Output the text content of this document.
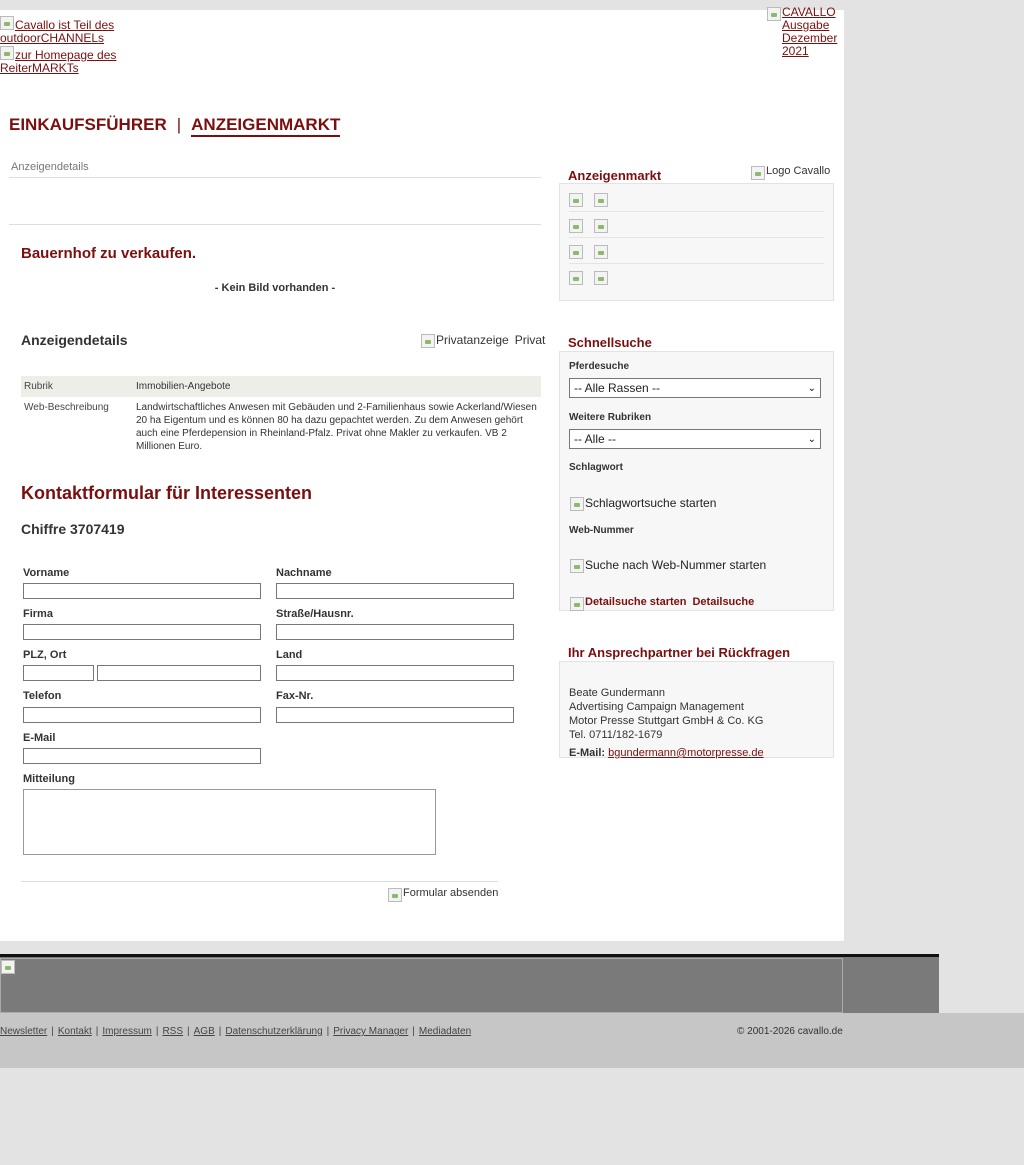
Cavallo ist Teil des outdoorCHANNELs
zur Homepage des ReiterMARKTs
CAVALLO Ausgabe Dezember 2021
EINKAUFSFÜHRER | ANZEIGENMARKT
Anzeigendetails
Bauernhof zu verkaufen.
- Kein Bild vorhanden -
Anzeigendetails	Privatanzeige Privat
Rubrik	Immobilien-Angebote
Web-Beschreibung	Landwirtschaftliches Anwesen mit Gebäuden und 2-Familienhaus sowie Ackerland/Wiesen 20 ha Eigentum und es können 80 ha dazu gepachtet werden. Zu dem Anwesen gehört auch eine Pferdepension in Rheinland-Pfalz. Privat ohne Makler zu verkaufen. VB 2 Millionen Euro.
Kontaktformular für Interessenten
Chiffre 3707419
Vorname	Nachname
Firma	Straße/Hausnr.
PLZ, Ort	Land
Telefon	Fax-Nr.
E-Mail
Mitteilung
Formular absenden
Anzeigenmarkt	Logo Cavallo
Schnellsuche
Pferdesuche
-- Alle Rassen --	⌄
Weitere Rubriken
-- Alle --	⌄
Schlagwort
Schlagwortsuche starten
Web-Nummer
Suche nach Web-Nummer starten
Detailsuche starten Detailsuche
Ihr Ansprechpartner bei Rückfragen
Beate Gundermann
Advertising Campaign Management
Motor Presse Stuttgart GmbH & Co. KG
Tel. 0711/182-1679
E-Mail: bgundermann@motorpresse.de
Newsletter | Kontakt | Impressum | RSS | AGB | Datenschutzerklärung | Privacy Manager | Mediadaten	© 2001-2026 cavallo.de
